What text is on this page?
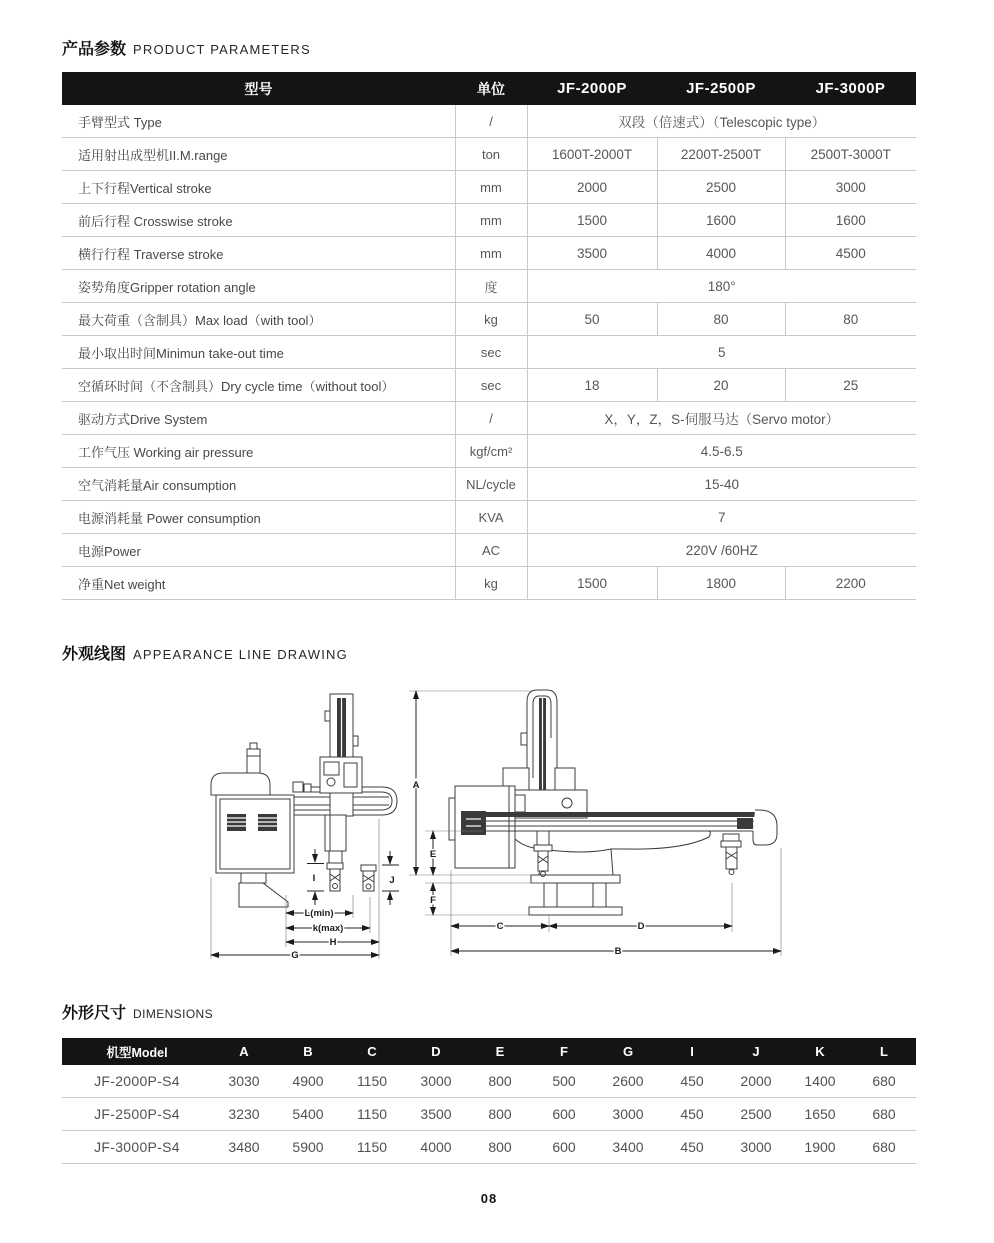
产品参数 PRODUCT PARAMETERS
型号	单位	JF-2000P	JF-2500P	JF-3000P
手臂型式 Type	/	双段（倍速式）（Telescopic type）		
适用射出成型机II.M.range	ton	1600T-2000T	2200T-2500T	2500T-3000T
上下行程Vertical stroke	mm	2000	2500	3000
前后行程 Crosswise stroke	mm	1500	1600	1600
横行行程 Traverse stroke	mm	3500	4000	4500
姿势角度Gripper rotation angle	度	180°		
最大荷重（含制具）Max load（with tool）	kg	50	80	80
最小取出时间Minimun take-out time	sec	5		
空循环时间（不含制具）Dry cycle time（without tool）	sec	18	20	25
驱动方式Drive System	/	X，Y，Z，S-伺服马达（Servo motor）		
工作气压 Working air pressure	kgf/cm²	4.5-6.5		
空气消耗量Air consumption	NL/cycle	15-40		
电源消耗量 Power consumption	KVA	7		
电源Power	AC	220V /60HZ		
净重Net weight	kg	1500	1800	2200
外观线图 APPEARANCE LINE DRAWING
I	J
L(min)
k(max)
H
G
A
E
F
C	D
B
外形尺寸 DIMENSIONS
机型Model	A	B	C	D	E	F	G	I	J	K	L
JF-2000P-S4	3030	4900	1150	3000	800	500	2600	450	2000	1400	680
JF-2500P-S4	3230	5400	1150	3500	800	600	3000	450	2500	1650	680
JF-3000P-S4	3480	5900	1150	4000	800	600	3400	450	3000	1900	680
08
